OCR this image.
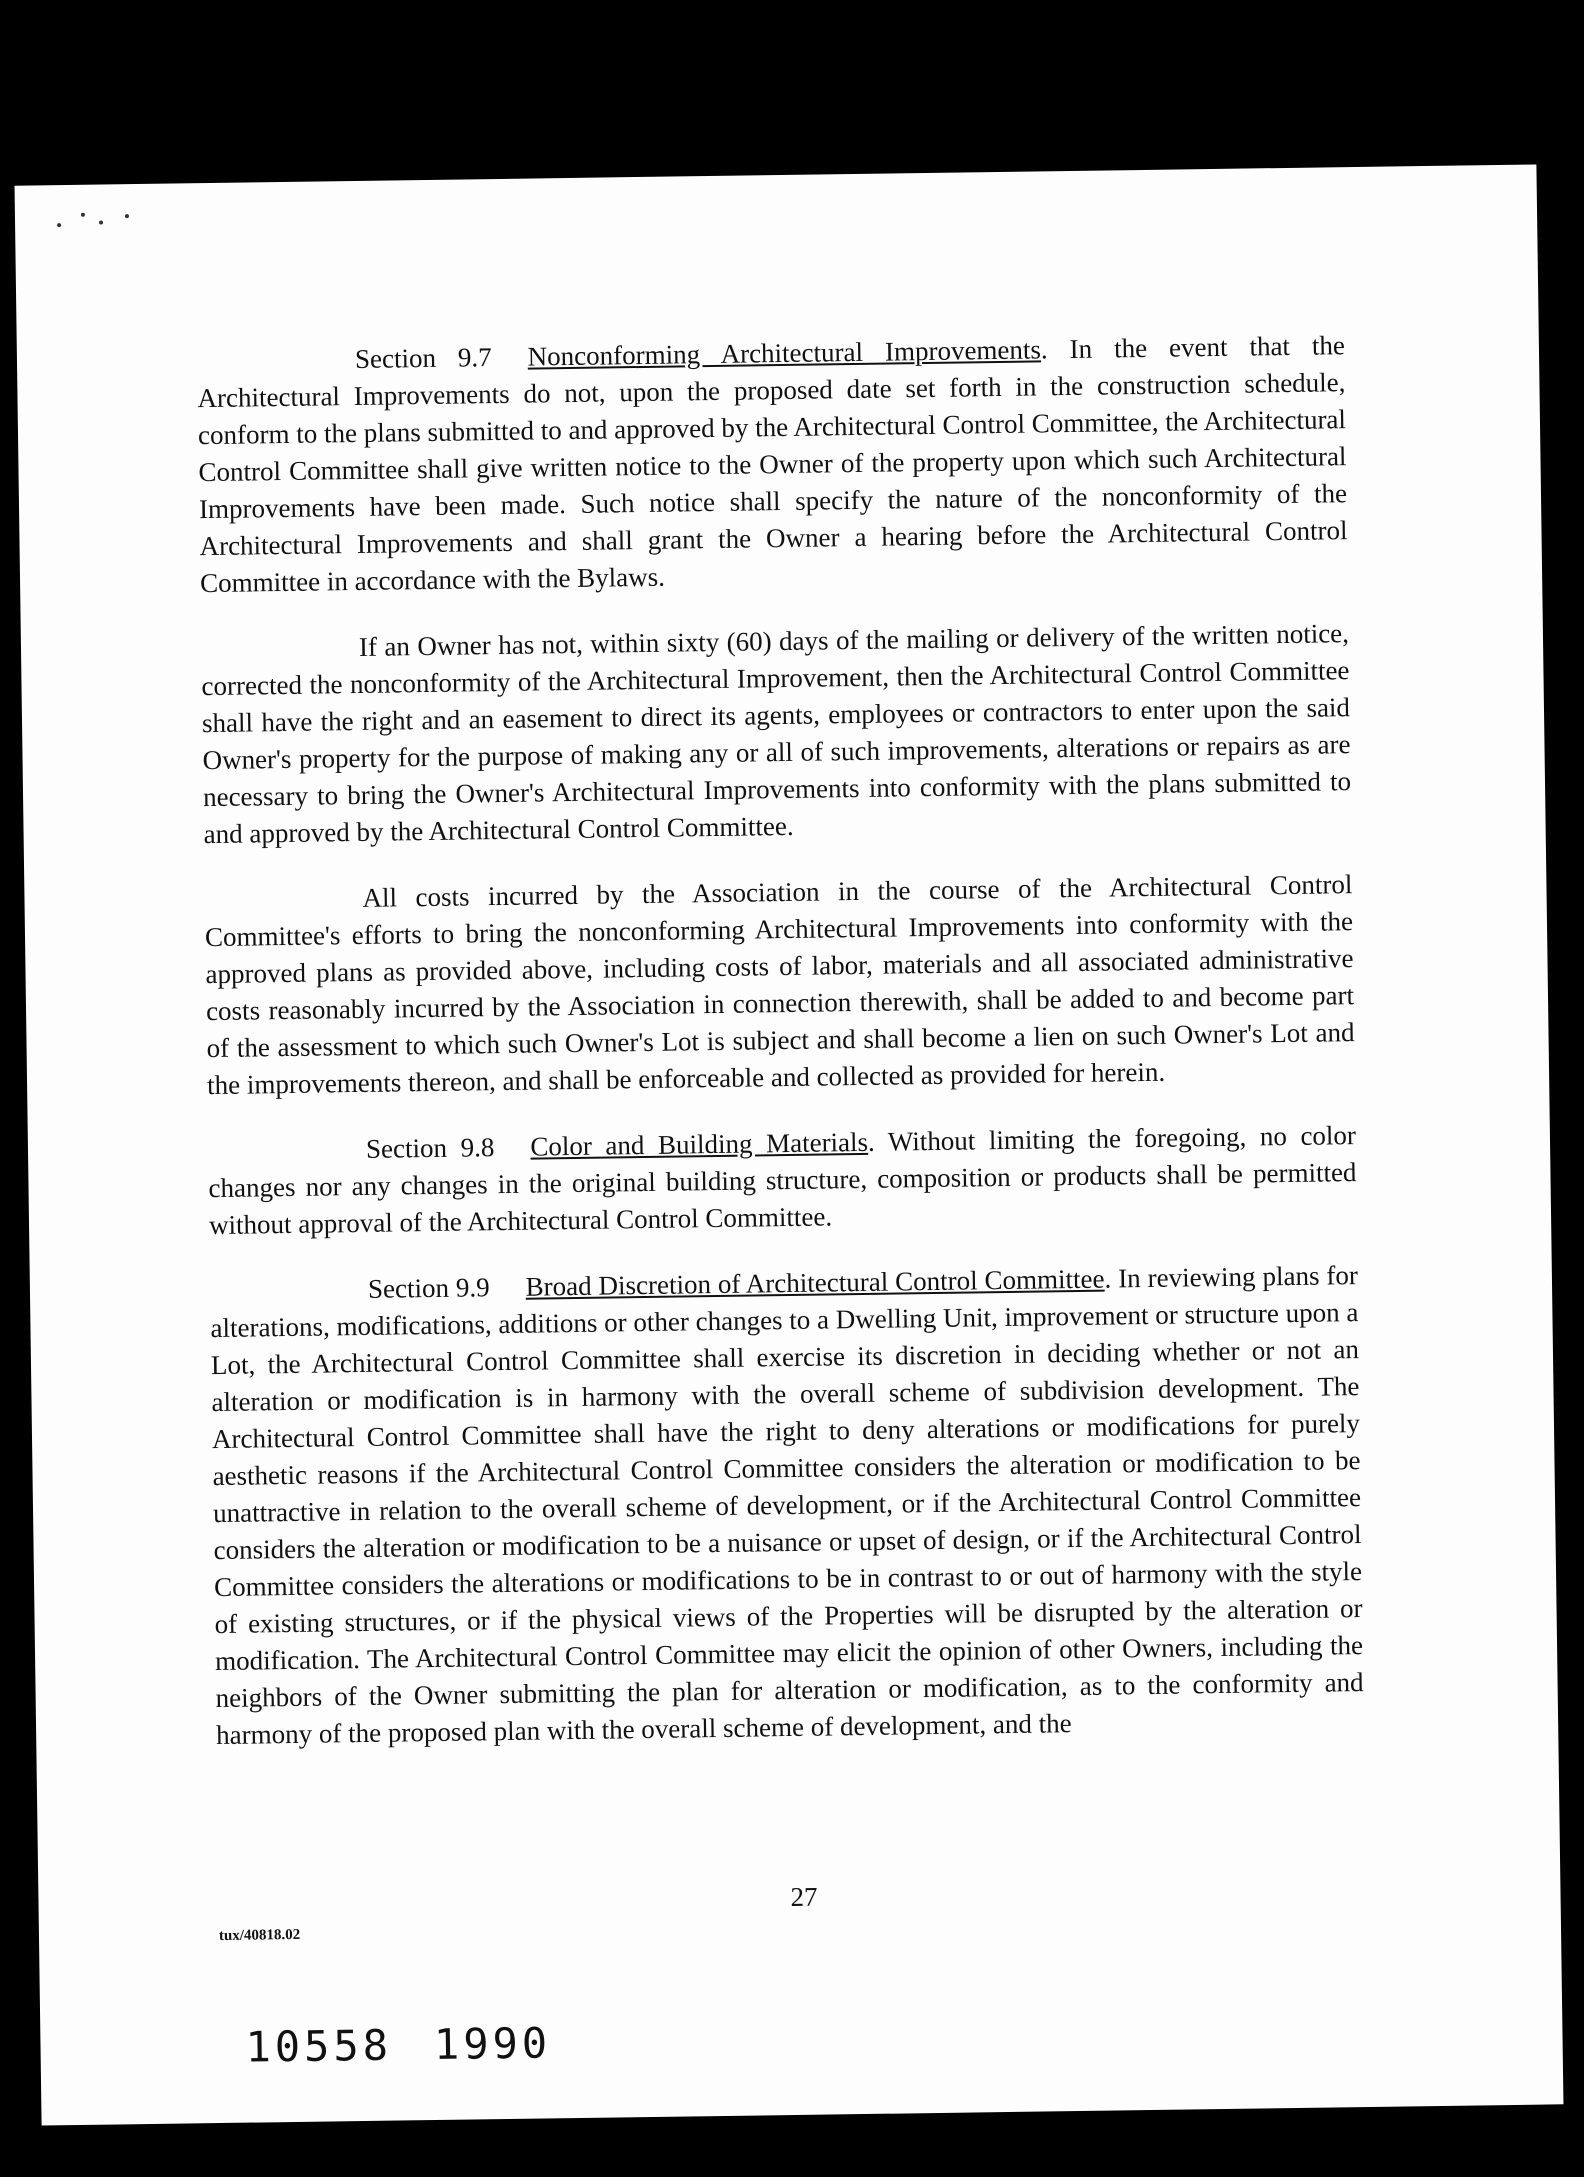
Section 9.7 Nonconforming Architectural Improvements. In the event that the Architectural Improvements do not, upon the proposed date set forth in the construction schedule, conform to the plans submitted to and approved by the Architectural Control Committee, the Architectural Control Committee shall give written notice to the Owner of the property upon which such Architectural Improvements have been made. Such notice shall specify the nature of the nonconformity of the Architectural Improvements and shall grant the Owner a hearing before the Architectural Control Committee in accordance with the Bylaws.

If an Owner has not, within sixty (60) days of the mailing or delivery of the written notice, corrected the nonconformity of the Architectural Improvement, then the Architectural Control Committee shall have the right and an easement to direct its agents, employees or contractors to enter upon the said Owner's property for the purpose of making any or all of such improvements, alterations or repairs as are necessary to bring the Owner's Architectural Improvements into conformity with the plans submitted to and approved by the Architectural Control Committee.

All costs incurred by the Association in the course of the Architectural Control Committee's efforts to bring the nonconforming Architectural Improvements into conformity with the approved plans as provided above, including costs of labor, materials and all associated administrative costs reasonably incurred by the Association in connection therewith, shall be added to and become part of the assessment to which such Owner's Lot is subject and shall become a lien on such Owner's Lot and the improvements thereon, and shall be enforceable and collected as provided for herein.

Section 9.8 Color and Building Materials. Without limiting the foregoing, no color changes nor any changes in the original building structure, composition or products shall be permitted without approval of the Architectural Control Committee.

Section 9.9 Broad Discretion of Architectural Control Committee. In reviewing plans for alterations, modifications, additions or other changes to a Dwelling Unit, improvement or structure upon a Lot, the Architectural Control Committee shall exercise its discretion in deciding whether or not an alteration or modification is in harmony with the overall scheme of subdivision development. The Architectural Control Committee shall have the right to deny alterations or modifications for purely aesthetic reasons if the Architectural Control Committee considers the alteration or modification to be unattractive in relation to the overall scheme of development, or if the Architectural Control Committee considers the alteration or modification to be a nuisance or upset of design, or if the Architectural Control Committee considers the alterations or modifications to be in contrast to or out of harmony with the style of existing structures, or if the physical views of the Properties will be disrupted by the alteration or modification. The Architectural Control Committee may elicit the opinion of other Owners, including the neighbors of the Owner submitting the plan for alteration or modification, as to the conformity and harmony of the proposed plan with the overall scheme of development, and the

27
tux/40818.02
10558 1990
